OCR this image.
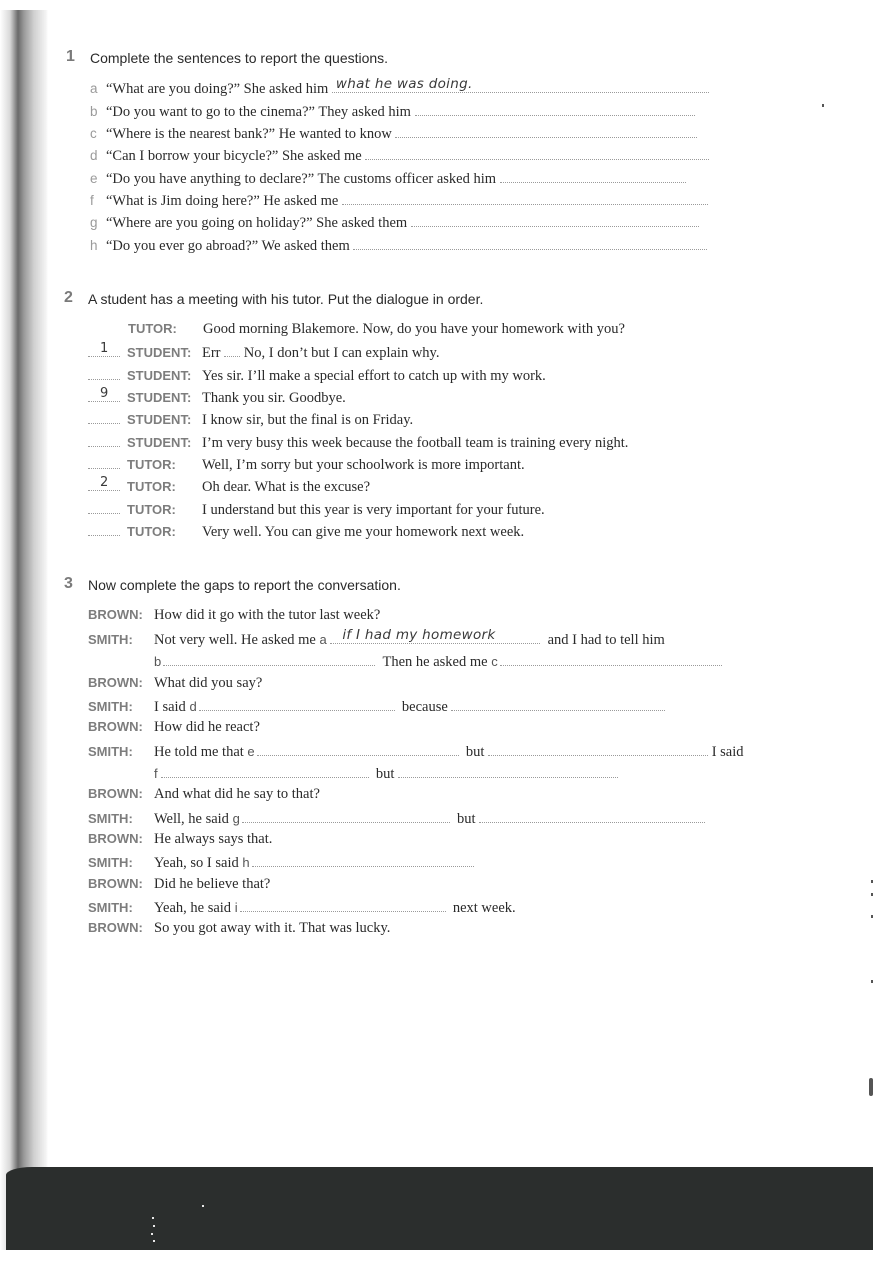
1 Complete the sentences to report the questions.
a “What are you doing?” She asked him what he was doing.
b “Do you want to go to the cinema?” They asked him
c “Where is the nearest bank?” He wanted to know
d “Can I borrow your bicycle?” She asked me
e “Do you have anything to declare?” The customs officer asked him
f “What is Jim doing here?” He asked me
g “Where are you going on holiday?” She asked them
h “Do you ever go abroad?” We asked them
2 A student has a meeting with his tutor. Put the dialogue in order.
TUTOR: Good morning Blakemore. Now, do you have your homework with you?
1 STUDENT: Err No, I don’t but I can explain why.
STUDENT: Yes sir. I’ll make a special effort to catch up with my work.
9 STUDENT: Thank you sir. Goodbye.
STUDENT: I know sir, but the final is on Friday.
STUDENT: I’m very busy this week because the football team is training every night.
TUTOR: Well, I’m sorry but your schoolwork is more important.
2 TUTOR: Oh dear. What is the excuse?
TUTOR: I understand but this year is very important for your future.
TUTOR: Very well. You can give me your homework next week.
3 Now complete the gaps to report the conversation.
BROWN: How did it go with the tutor last week?
SMITH: Not very well. He asked me a if I had my homework	and I had to tell him
b	Then he asked me c
BROWN: What did you say?
SMITH: I said d	because
BROWN: How did he react?
SMITH: He told me that e	but	I said
f	but
BROWN: And what did he say to that?
SMITH: Well, he said g	but
BROWN: He always says that.
SMITH: Yeah, so I said h
BROWN: Did he believe that?
SMITH: Yeah, he said i	next week.
BROWN: So you got away with it. That was lucky.
